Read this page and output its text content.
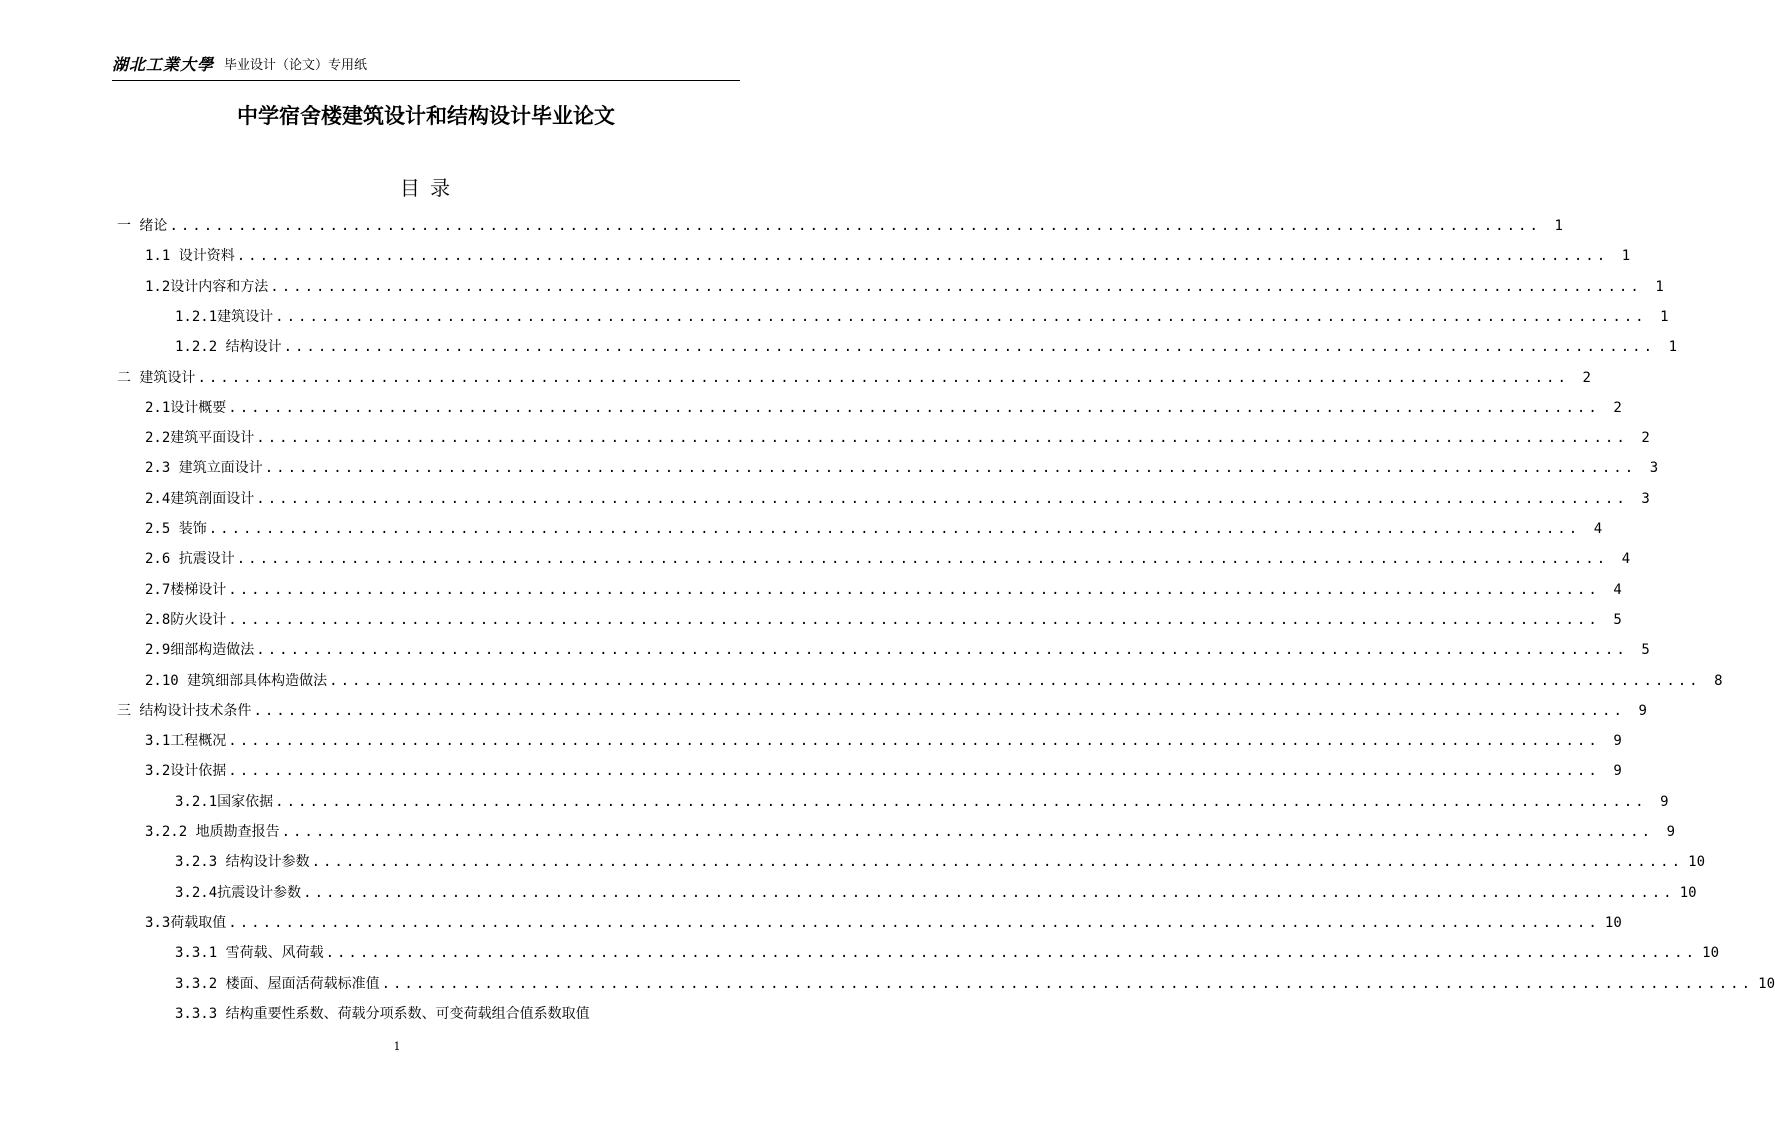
湖北工業大學 毕业设计（论文）专用纸
中学宿舍楼建筑设计和结构设计毕业论文
目 录
一 绪论 ........................................................................................................................ 1
1.1 设计资料 ........................................................................................................................ 1
1.2设计内容和方法 ........................................................................................................................ 1
1.2.1建筑设计 ........................................................................................................................ 1
1.2.2 结构设计 ........................................................................................................................ 1
二 建筑设计 ........................................................................................................................ 2
2.1设计概要 ........................................................................................................................ 2
2.2建筑平面设计 ........................................................................................................................ 2
2.3 建筑立面设计 ........................................................................................................................ 3
2.4建筑剖面设计 ........................................................................................................................ 3
2.5 装饰 ........................................................................................................................ 4
2.6 抗震设计 ........................................................................................................................ 4
2.7楼梯设计 ........................................................................................................................ 4
2.8防火设计 ........................................................................................................................ 5
2.9细部构造做法 ........................................................................................................................ 5
2.10 建筑细部具体构造做法 ........................................................................................................................ 8
三 结构设计技术条件 ........................................................................................................................ 9
3.1工程概况 ........................................................................................................................ 9
3.2设计依据 ........................................................................................................................ 9
3.2.1国家依据 ........................................................................................................................ 9
3.2.2 地质勘查报告 ........................................................................................................................ 9
3.2.3 结构设计参数 ........................................................................................................................ 10
3.2.4抗震设计参数 ........................................................................................................................ 10
3.3荷载取值 ........................................................................................................................ 10
3.3.1 雪荷载、风荷载 ........................................................................................................................ 10
3.3.2 楼面、屋面活荷载标准值 ........................................................................................................................ 10
3.3.3 结构重要性系数、荷载分项系数、可变荷载组合值系数取值
1
